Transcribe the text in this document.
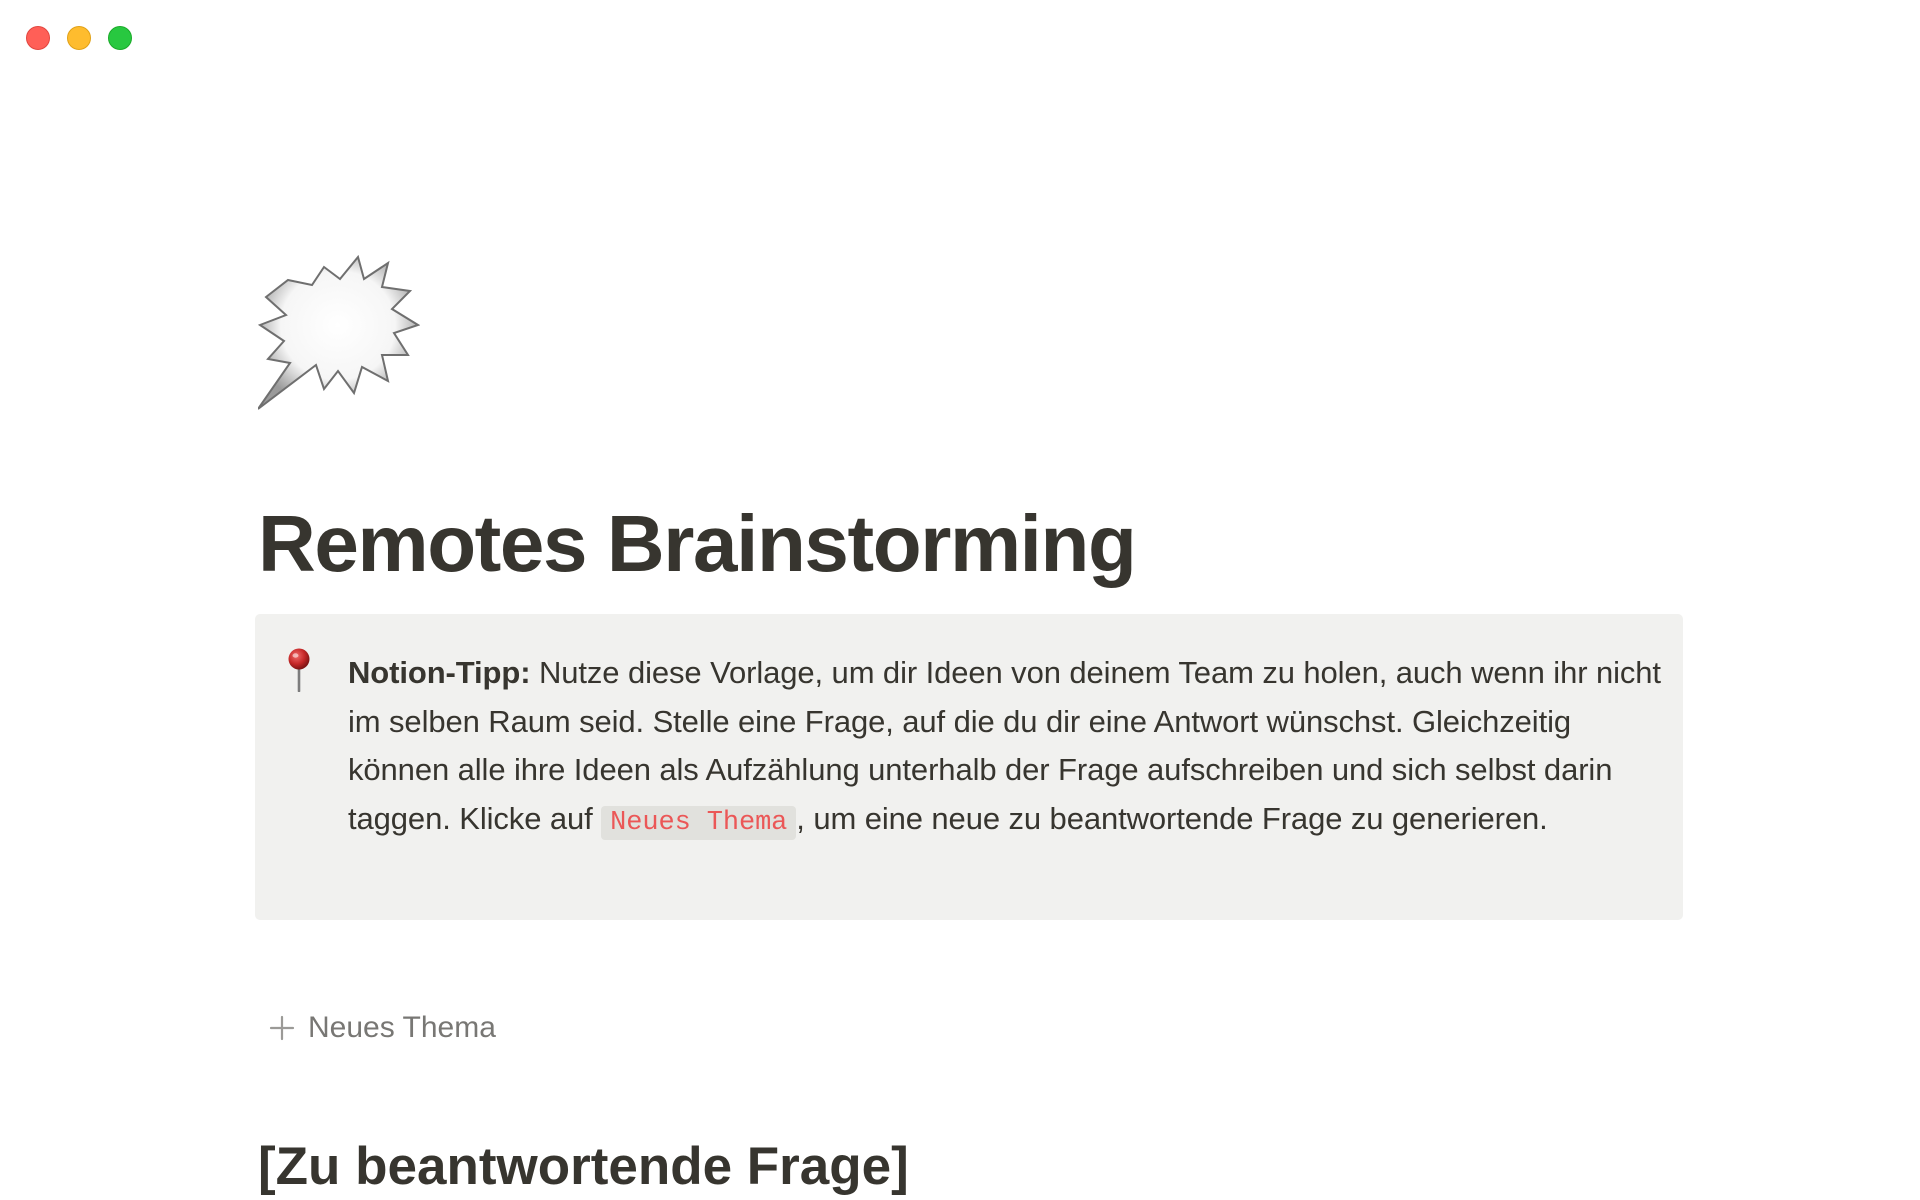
Remotes Brainstorming

Notion-Tipp: Nutze diese Vorlage, um dir Ideen von deinem Team zu holen, auch wenn ihr nicht im selben Raum seid. Stelle eine Frage, auf die du dir eine Antwort wünschst. Gleichzeitig können alle ihre Ideen als Aufzählung unterhalb der Frage aufschreiben und sich selbst darin taggen. Klicke auf Neues Thema , um eine neue zu beantwortende Frage zu generieren.

Neues Thema
[Zu beantwortende Frage]
